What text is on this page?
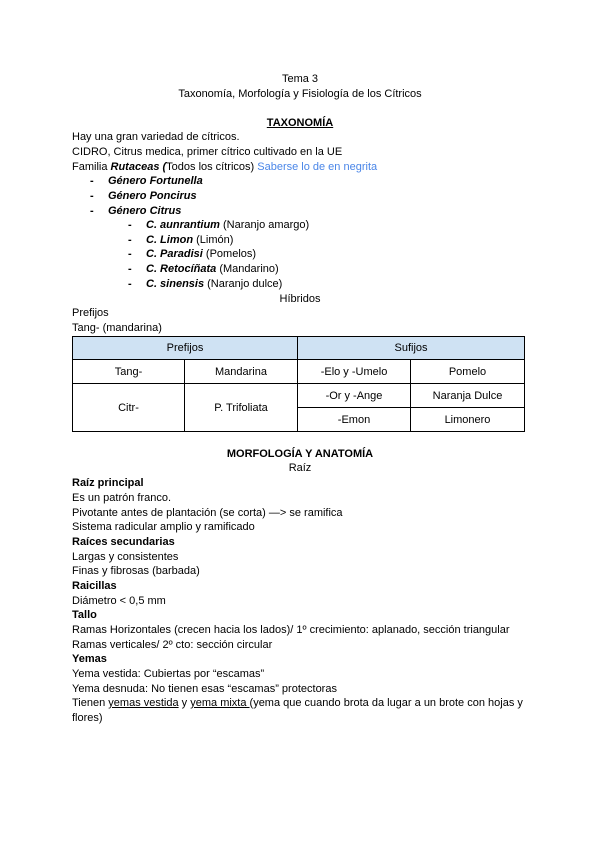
Tema 3
Taxonomía, Morfología y Fisiología de los Cítricos
TAXONOMÍA
Hay una gran variedad de cítricos.
CIDRO, Citrus medica, primer cítrico cultivado en la UE
Familia Rutaceas (Todos los cítricos) Saberse lo de en negrita
- Género Fortunella
- Género Poncirus
- Género Citrus
- C. aunrantium (Naranjo amargo)
- C. Limon (Limón)
- C. Paradisi (Pomelos)
- C. Retocíñata (Mandarino)
- C. sinensis (Naranjo dulce)
Híbridos
Prefijos
Tang- (mandarina)
Prefijos		Sufijos	
Tang-	Mandarina	-Elo y -Umelo	Pomelo
Citr-	P. Trifoliata	-Or y -Ange	Naranja Dulce
		-Emon	Limonero
MORFOLOGÍA Y ANATOMÍA
Raíz
Raíz principal
Es un patrón franco.
Pivotante antes de plantación (se corta) —> se ramifica
Sistema radicular amplio y ramificado
Raíces secundarias
Largas y consistentes
Finas y fibrosas (barbada)
Raicillas
Diámetro < 0,5 mm
Tallo
Ramas Horizontales (crecen hacia los lados)/ 1º crecimiento: aplanado, sección triangular
Ramas verticales/ 2º cto: sección circular
Yemas
Yema vestida: Cubiertas por “escamas”
Yema desnuda: No tienen esas “escamas” protectoras
Tienen yemas vestida y yema mixta (yema que cuando brota da lugar a un brote con hojas y
flores)
